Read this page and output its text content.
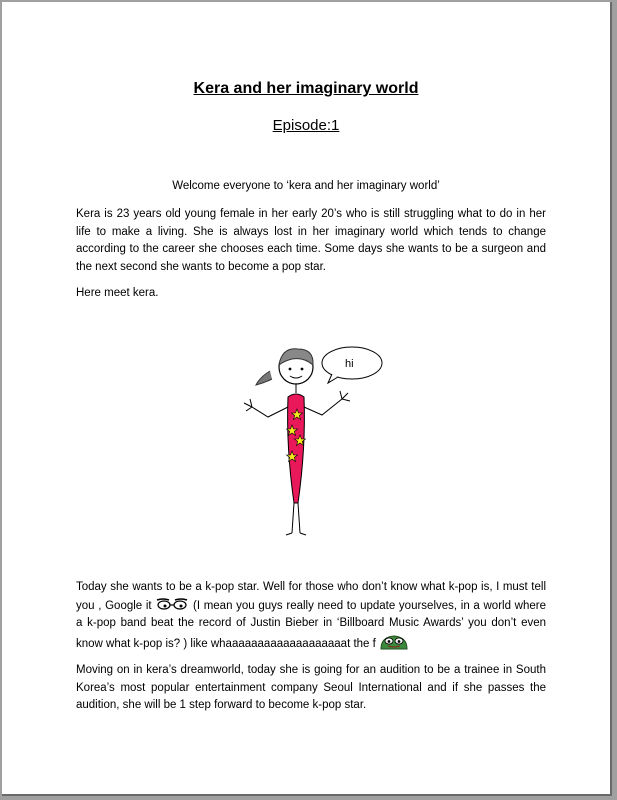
Kera and her imaginary world
Episode:1
Welcome everyone to ‘kera and her imaginary world’
Kera is 23 years old young female in her early 20’s who is still struggling what to do in her life to make a living. She is always lost in her imaginary world which tends to change according to the career she chooses each time. Some days she wants to be a surgeon and the next second she wants to become a pop star.
Here meet kera.
hi
Today she wants to be a k-pop star. Well for those who don’t know what k-pop is, I must tell you , Google it	(I mean you guys really need to update yourselves, in a world where a k-pop band beat the record of Justin Bieber in ‘Billboard Music Awards’ you don’t even know what k-pop is? ) like whaaaaaaaaaaaaaaaaaaat the f
Moving on in kera’s dreamworld, today she is going for an audition to be a trainee in South Korea’s most popular entertainment company Seoul International and if she passes the audition, she will be 1 step forward to become k-pop star.
